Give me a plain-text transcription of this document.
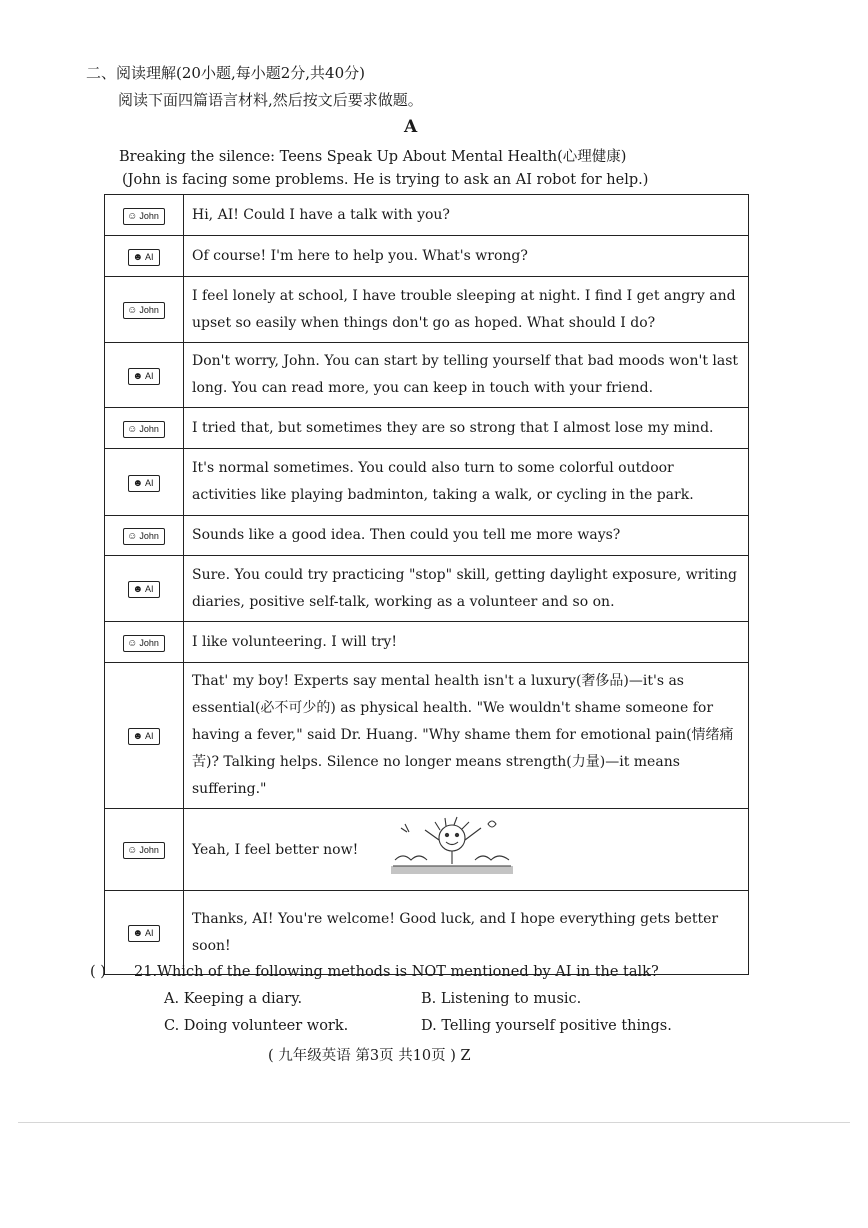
二、阅读理解(20小题,每小题2分,共40分)
阅读下面四篇语言材料,然后按文后要求做题。
A
Breaking the silence: Teens Speak Up About Mental Health(心理健康)
(John is facing some problems. He is trying to ask an AI robot for help.)
☺ John	Hi, AI! Could I have a talk with you?

☻ AI	Of course! I'm here to help you. What's wrong?

☺ John	I feel lonely at school, I have trouble sleeping at night. I find I get angry and upset so easily when things don't go as hoped. What should I do?

☻ AI	Don't worry, John. You can start by telling yourself that bad moods won't last long. You can read more, you can keep in touch with your friend.

☺ John	I tried that, but sometimes they are so strong that I almost lose my mind.

☻ AI	It's normal sometimes. You could also turn to some colorful outdoor activities like playing badminton, taking a walk, or cycling in the park.

☺ John	Sounds like a good idea. Then could you tell me more ways?

☻ AI	Sure. You could try practicing "stop" skill, getting daylight exposure, writing diaries, positive self-talk, working as a volunteer and so on.

☺ John	I like volunteering. I will try!

☻ AI	That' my boy! Experts say mental health isn't a luxury(奢侈品)—it's as essential(必不可少的) as physical health. "We wouldn't shame someone for having a fever," said Dr. Huang. "Why shame them for emotional pain(情绪痛苦)? Talking helps. Silence no longer means strength(力量)—it means suffering."

☺ John	Yeah, I feel better now!

☻ AI	Thanks, AI! You're welcome! Good luck, and I hope everything gets better soon!
( ) 21.Which of the following methods is NOT mentioned by AI in the talk?
A. Keeping a diary.	B. Listening to music.
C. Doing volunteer work.	D. Telling yourself positive things.
( 九年级英语 第3页 共10页 ) Z
